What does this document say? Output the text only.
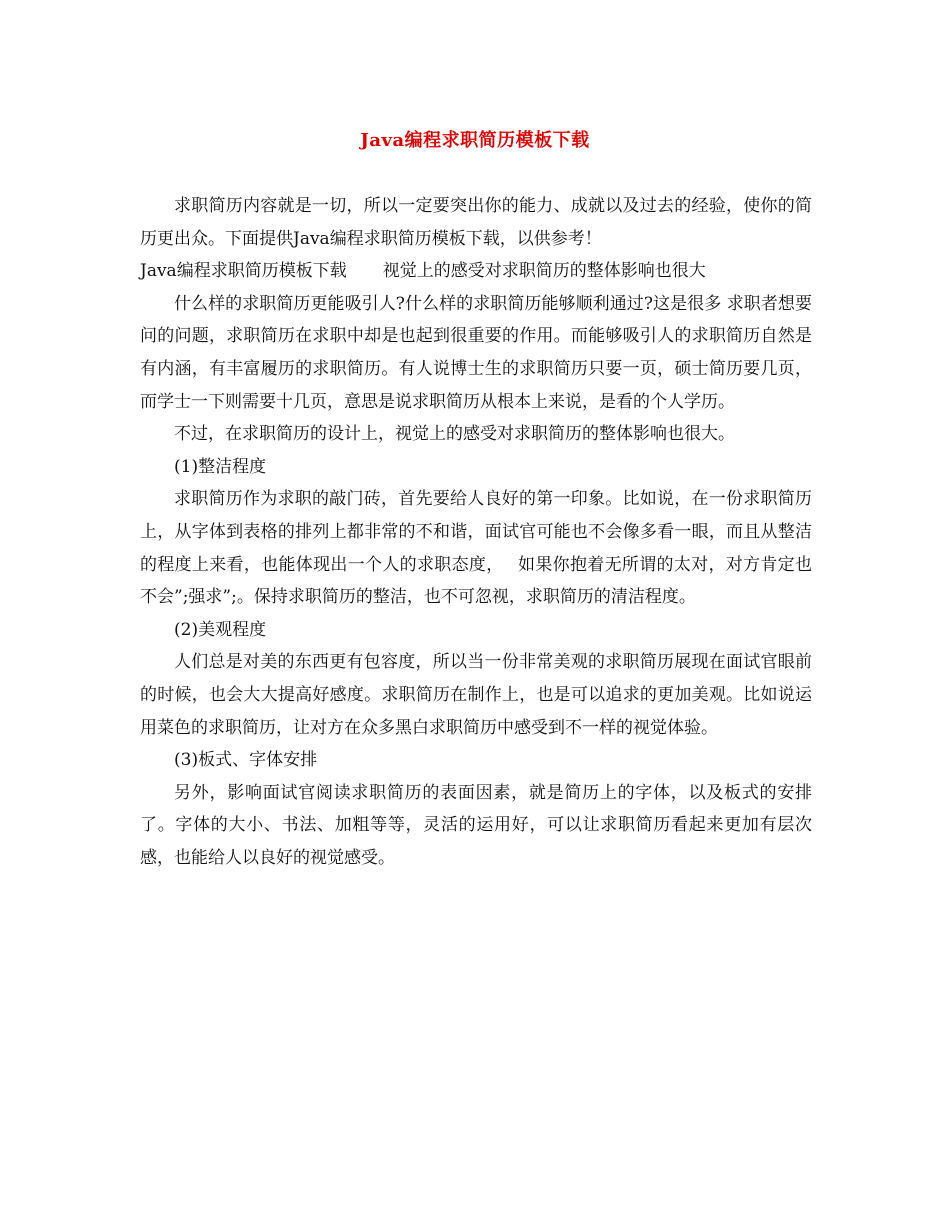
Java编程求职简历模板下载

求职简历内容就是一切，所以一定要突出你的能力、成就以及过去的经验，使你的简历更出众。下面提供Java编程求职简历模板下载，以供参考！

Java编程求职简历模板下载 视觉上的感受对求职简历的整体影响也很大

什么样的求职简历更能吸引人?什么样的求职简历能够顺利通过?这是很多 求职者想要问的问题，求职简历在求职中却是也起到很重要的作用。而能够吸引人的求职简历自然是有内涵，有丰富履历的求职简历。有人说博士生的求职简历只要一页，硕士简历要几页，而学士一下则需要十几页，意思是说求职简历从根本上来说，是看的个人学历。

不过，在求职简历的设计上，视觉上的感受对求职简历的整体影响也很大。

(1)整洁程度

求职简历作为求职的敲门砖，首先要给人良好的第一印象。比如说，在一份求职简历上，从字体到表格的排列上都非常的不和谐，面试官可能也不会像多看一眼，而且从整洁的程度上来看，也能体现出一个人的求职态度，　 如果你抱着无所谓的太对，对方肯定也不会”;强求”;。保持求职简历的整洁，也不可忽视，求职简历的清洁程度。

(2)美观程度

人们总是对美的东西更有包容度，所以当一份非常美观的求职简历展现在面试官眼前的时候，也会大大提高好感度。求职简历在制作上，也是可以追求的更加美观。比如说运用菜色的求职简历，让对方在众多黑白求职简历中感受到不一样的视觉体验。

(3)板式、字体安排

另外，影响面试官阅读求职简历的表面因素，就是简历上的字体，以及板式的安排了。字体的大小、书法、加粗等等，灵活的运用好，可以让求职简历看起来更加有层次感，也能给人以良好的视觉感受。
